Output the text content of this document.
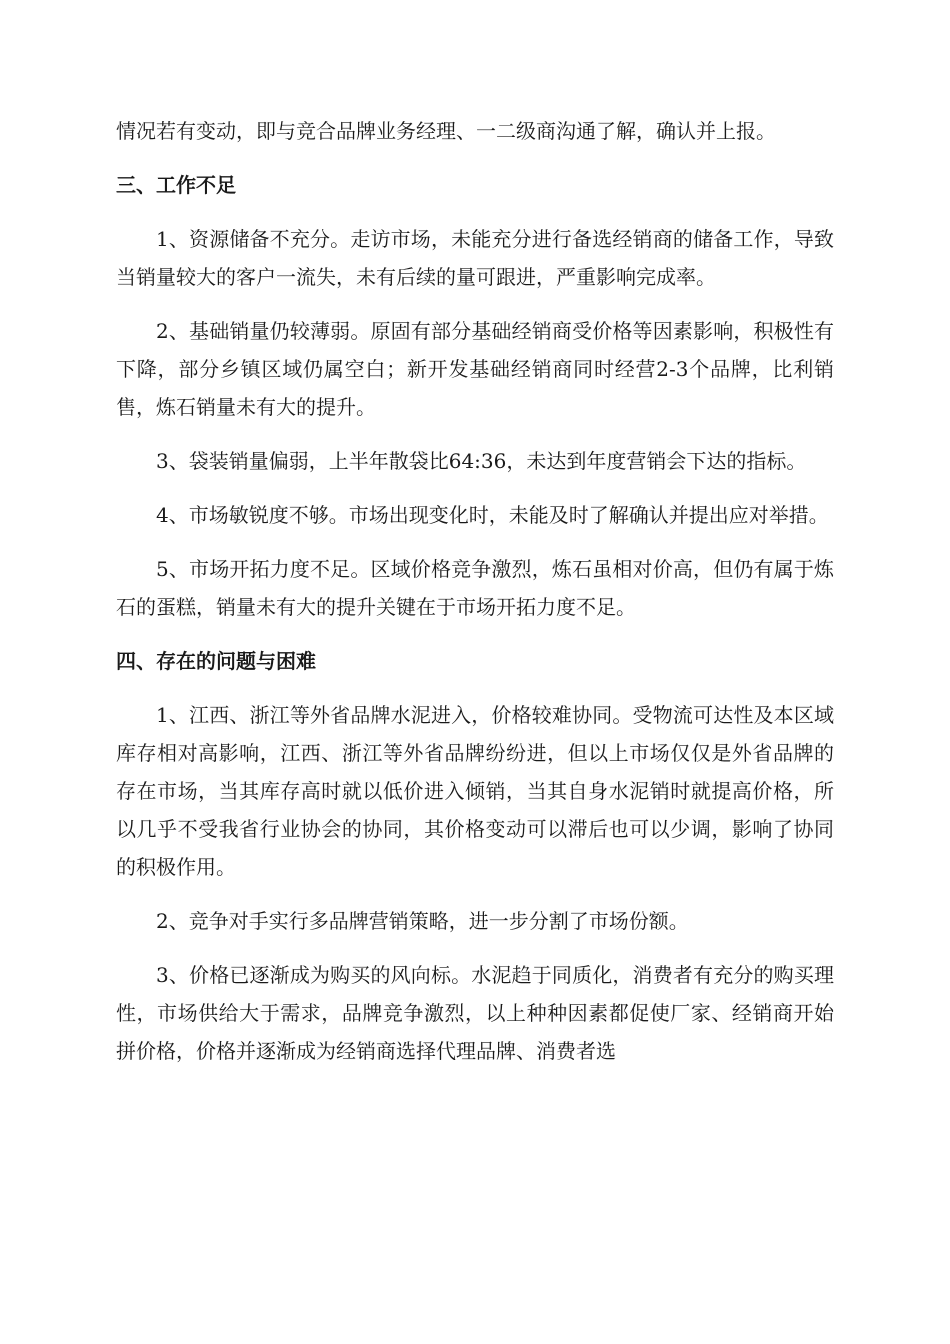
情况若有变动，即与竞合品牌业务经理、一二级商沟通了解，确认并上报。

三、工作不足

1、资源储备不充分。走访市场，未能充分进行备选经销商的储备工作，导致当销量较大的客户一流失，未有后续的量可跟进，严重影响完成率。

2、基础销量仍较薄弱。原固有部分基础经销商受价格等因素影响，积极性有下降，部分乡镇区域仍属空白；新开发基础经销商同时经营2-3个品牌，比利销售，炼石销量未有大的提升。

3、袋装销量偏弱，上半年散袋比64:36，未达到年度营销会下达的指标。

4、市场敏锐度不够。市场出现变化时，未能及时了解确认并提出应对举措。

5、市场开拓力度不足。区域价格竞争激烈，炼石虽相对价高，但仍有属于炼石的蛋糕，销量未有大的提升关键在于市场开拓力度不足。

四、存在的问题与困难

1、江西、浙江等外省品牌水泥进入，价格较难协同。受物流可达性及本区域库存相对高影响，江西、浙江等外省品牌纷纷进，但以上市场仅仅是外省品牌的存在市场，当其库存高时就以低价进入倾销，当其自身水泥销时就提高价格，所以几乎不受我省行业协会的协同，其价格变动可以滞后也可以少调，影响了协同的积极作用。

2、竞争对手实行多品牌营销策略，进一步分割了市场份额。

3、价格已逐渐成为购买的风向标。水泥趋于同质化，消费者有充分的购买理性，市场供给大于需求，品牌竞争激烈，以上种种因素都促使厂家、经销商开始拼价格，价格并逐渐成为经销商选择代理品牌、消费者选
